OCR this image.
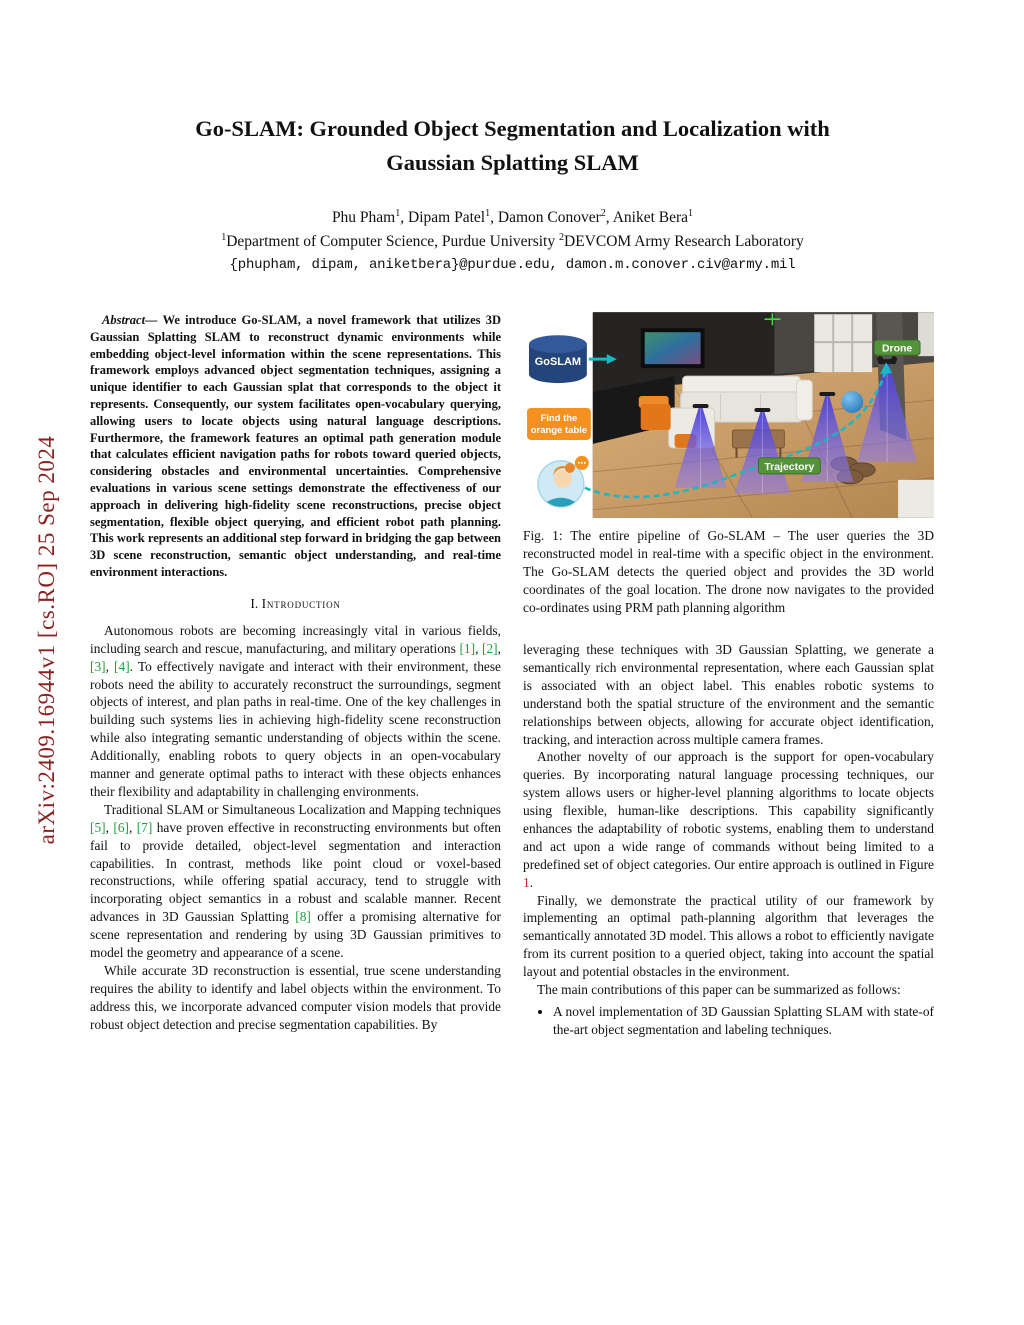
arXiv:2409.16944v1 [cs.RO] 25 Sep 2024
Go-SLAM: Grounded Object Segmentation and Localization with
Gaussian Splatting SLAM
Phu Pham$^1$, Dipam Patel$^1$, Damon Conover$^2$, Aniket Bera$^1$
$^1$Department of Computer Science, Purdue University $^2$DEVCOM Army Research Laboratory
{phupham, dipam, aniketbera}@purdue.edu, damon.m.conover.civ@army.mil

Abstract— We introduce Go-SLAM, a novel framework that utilizes 3D Gaussian Splatting SLAM to reconstruct dynamic environments while embedding object-level information within the scene representations. This framework employs advanced object segmentation techniques, assigning a unique identifier to each Gaussian splat that corresponds to the object it represents. Consequently, our system facilitates open-vocabulary querying, allowing users to locate objects using natural language descriptions. Furthermore, the framework features an optimal path generation module that calculates efficient navigation paths for robots toward queried objects, considering obstacles and environmental uncertainties. Comprehensive evaluations in various scene settings demonstrate the effectiveness of our approach in delivering high-fidelity scene reconstructions, precise object segmentation, flexible object querying, and efficient robot path planning. This work represents an additional step forward in bridging the gap between 3D scene reconstruction, semantic object understanding, and real-time environment interactions.

I. Introduction

Autonomous robots are becoming increasingly vital in various fields, including search and rescue, manufacturing, and military operations [1], [2], [3], [4]. To effectively navigate and interact with their environment, these robots need the ability to accurately reconstruct the surroundings, segment objects of interest, and plan paths in real-time. One of the key challenges in building such systems lies in achieving high-fidelity scene reconstruction while also integrating semantic understanding of objects within the scene. Additionally, enabling robots to query objects in an open-vocabulary manner and generate optimal paths to interact with these objects enhances their flexibility and adaptability in challenging environments.

Traditional SLAM or Simultaneous Localization and Mapping techniques [5], [6], [7] have proven effective in reconstructing environments but often fail to provide detailed, object-level segmentation and interaction capabilities. In contrast, methods like point cloud or voxel-based reconstructions, while offering spatial accuracy, tend to struggle with incorporating object semantics in a robust and scalable manner. Recent advances in 3D Gaussian Splatting [8] offer a promising alternative for scene representation and rendering by using 3D Gaussian primitives to model the geometry and appearance of a scene.

While accurate 3D reconstruction is essential, true scene understanding requires the ability to identify and label objects within the environment. To address this, we incorporate advanced computer vision models that provide robust object detection and precise segmentation capabilities. By

Trajectory
Drone
GoSLAM
Find the
orange table
Fig. 1: The entire pipeline of Go-SLAM – The user queries the 3D reconstructed model in real-time with a specific object in the environment. The Go-SLAM detects the queried object and provides the 3D world coordinates of the goal location. The drone now navigates to the provided co-ordinates using PRM path planning algorithm

leveraging these techniques with 3D Gaussian Splatting, we generate a semantically rich environmental representation, where each Gaussian splat is associated with an object label. This enables robotic systems to understand both the spatial structure of the environment and the semantic relationships between objects, allowing for accurate object identification, tracking, and interaction across multiple camera frames.

Another novelty of our approach is the support for open-vocabulary queries. By incorporating natural language processing techniques, our system allows users or higher-level planning algorithms to locate objects using flexible, human-like descriptions. This capability significantly enhances the adaptability of robotic systems, enabling them to understand and act upon a wide range of commands without being limited to a predefined set of object categories. Our entire approach is outlined in Figure 1.

Finally, we demonstrate the practical utility of our framework by implementing an optimal path-planning algorithm that leverages the semantically annotated 3D model. This allows a robot to efficiently navigate from its current position to a queried object, taking into account the spatial layout and potential obstacles in the environment.

The main contributions of this paper can be summarized as follows:

• A novel implementation of 3D Gaussian Splatting SLAM with state-of the-art object segmentation and labeling techniques.
